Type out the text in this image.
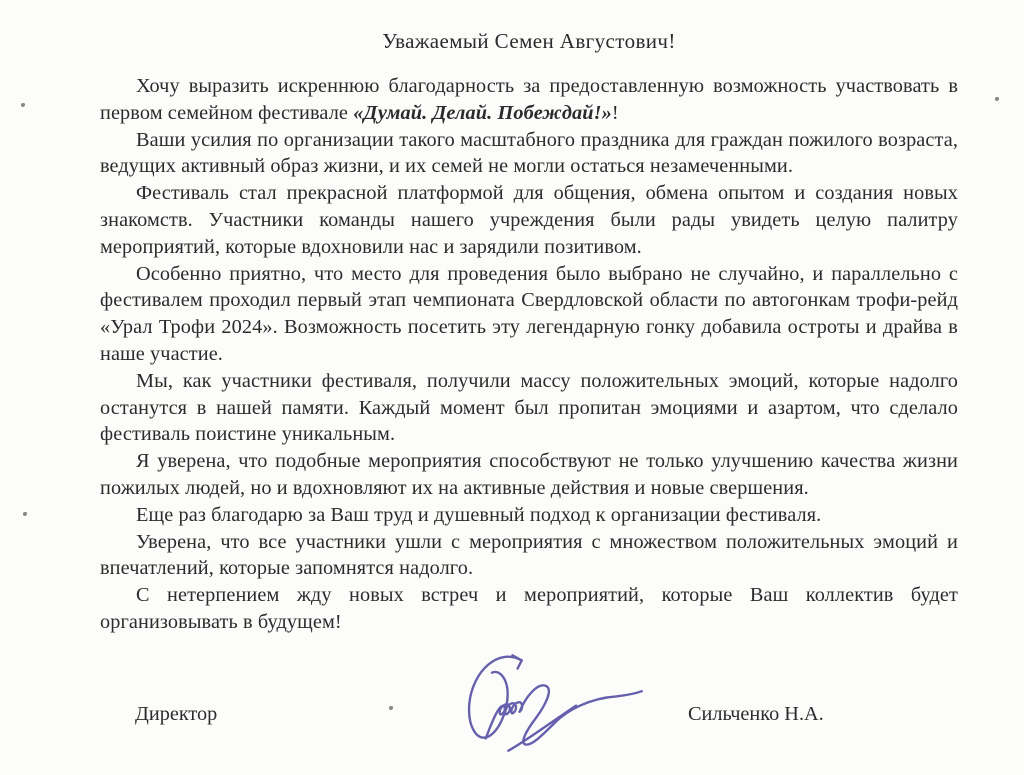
Уважаемый Семен Августович!

Хочу выразить искреннюю благодарность за предоставленную возможность участвовать в первом семейном фестивале «Думай. Делай. Побеждай!»!

Ваши усилия по организации такого масштабного праздника для граждан пожилого возраста, ведущих активный образ жизни, и их семей не могли остаться незамеченными.

Фестиваль стал прекрасной платформой для общения, обмена опытом и создания новых знакомств. Участники команды нашего учреждения были рады увидеть целую палитру мероприятий, которые вдохновили нас и зарядили позитивом.

Особенно приятно, что место для проведения было выбрано не случайно, и параллельно с фестивалем проходил первый этап чемпионата Свердловской области по автогонкам трофи-рейд «Урал Трофи 2024». Возможность посетить эту легендарную гонку добавила остроты и драйва в наше участие.

Мы, как участники фестиваля, получили массу положительных эмоций, которые надолго останутся в нашей памяти. Каждый момент был пропитан эмоциями и азартом, что сделало фестиваль поистине уникальным.

Я уверена, что подобные мероприятия способствуют не только улучшению качества жизни пожилых людей, но и вдохновляют их на активные действия и новые свершения.

Еще раз благодарю за Ваш труд и душевный подход к организации фестиваля.

Уверена, что все участники ушли с мероприятия с множеством положительных эмоций и впечатлений, которые запомнятся надолго.

С нетерпением жду новых встреч и мероприятий, которые Ваш коллектив будет организовывать в будущем!

Директор	Сильченко Н.А.
